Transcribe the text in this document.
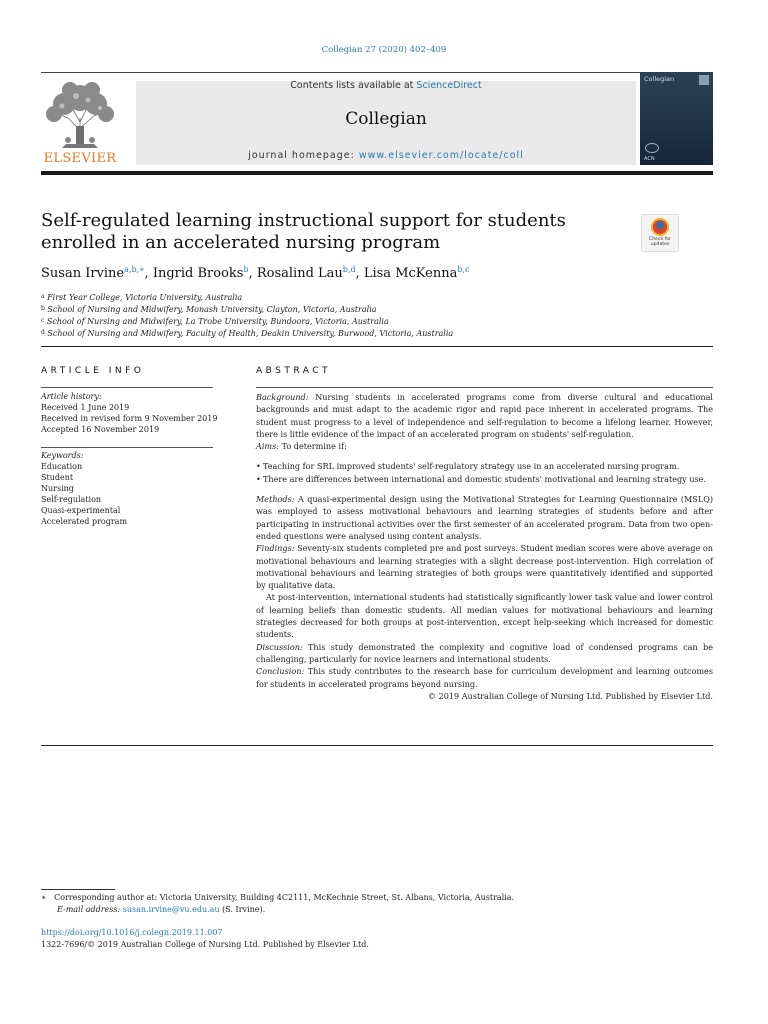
Collegian 27 (2020) 402–409
ELSEVIER
Contents lists available at ScienceDirect
Collegian
journal homepage: www.elsevier.com/locate/coll
Collegian
ACN
Self-regulated learning instructional support for students enrolled in an accelerated nursing program	Check for updates
Susan Irvine$^{a,b,∗}$, Ingrid Brooks$^b$, Rosalind Lau$^{b,d}$, Lisa McKenna$^{b,c}$
$^a$ First Year College, Victoria University, Australia
$^b$ School of Nursing and Midwifery, Monash University, Clayton, Victoria, Australia
$^c$ School of Nursing and Midwifery, La Trobe University, Bundoora, Victoria, Australia
$^d$ School of Nursing and Midwifery, Faculty of Health, Deakin University, Burwood, Victoria, Australia
ARTICLE INFO
Article history:
Received 1 June 2019
Received in revised form 9 November 2019
Accepted 16 November 2019
Keywords:
Education
Student
Nursing
Self-regulation
Quasi-experimental
Accelerated program
ABSTRACT

Background: Nursing students in accelerated programs come from diverse cultural and educational backgrounds and must adapt to the academic rigor and rapid pace inherent in accelerated programs. The student must progress to a level of independence and self-regulation to become a lifelong learner. However, there is little evidence of the impact of an accelerated program on students' self-regulation.

Aims: To determine if:

• Teaching for SRL improved students' self-regulatory strategy use in an accelerated nursing program.
• There are differences between international and domestic students' motivational and learning strategy use.

Methods: A quasi-experimental design using the Motivational Strategies for Learning Questionnaire (MSLQ) was employed to assess motivational behaviours and learning strategies of students before and after participating in instructional activities over the first semester of an accelerated program. Data from two open-ended questions were analysed using content analysis.

Findings: Seventy-six students completed pre and post surveys. Student median scores were above average on motivational behaviours and learning strategies with a slight decrease post-intervention. High correlation of motivational behaviours and learning strategies of both groups were quantitatively identified and supported by qualitative data.

At post-intervention, international students had statistically significantly lower task value and lower control of learning beliefs than domestic students. All median values for motivational behaviours and learning strategies decreased for both groups at post-intervention, except help-seeking which increased for domestic students.

Discussion: This study demonstrated the complexity and cognitive load of condensed programs can be challenging, particularly for novice learners and international students.

Conclusion: This study contributes to the research base for curriculum development and learning outcomes for students in accelerated programs beyond nursing.

© 2019 Australian College of Nursing Ltd. Published by Elsevier Ltd.

∗ Corresponding author at: Victoria University, Building 4C2111, McKechnie Street, St. Albans, Victoria, Australia.
E-mail address: susan.irvine@vu.edu.au (S. Irvine).
https://doi.org/10.1016/j.colegn.2019.11.007
1322-7696/© 2019 Australian College of Nursing Ltd. Published by Elsevier Ltd.
